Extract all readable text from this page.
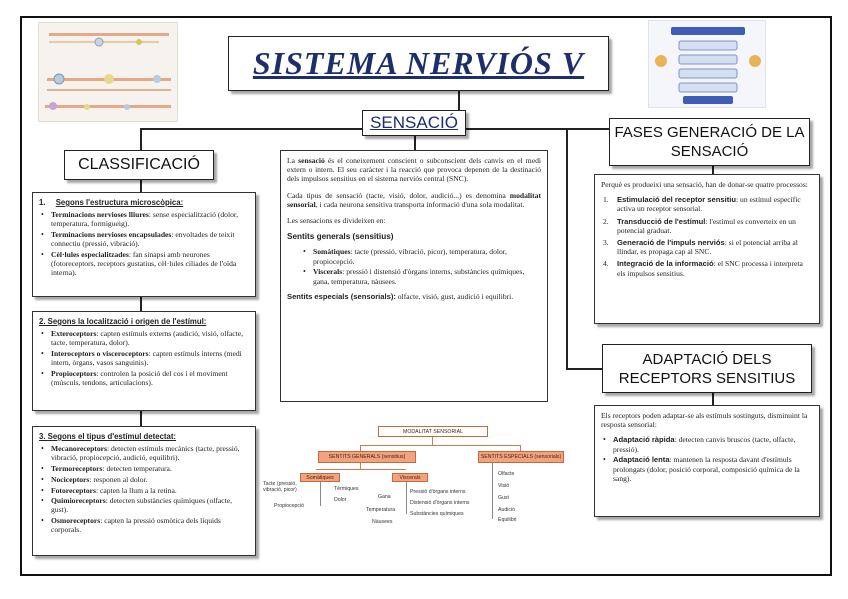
SISTEMA NERVIÓS V
SENSACIÓ
CLASSIFICACIÓ
FASES GENERACIÓ DE LA SENSACIÓ
ADAPTACIÓ DELS RECEPTORS SENSITIUS
1. Segons l'estructura microscòpica:
• Terminacions nervioses lliures: sense especialització (dolor, temperatura, formigueig).
• Terminacions nervioses encapsulades: envoltades de teixit connectiu (pressió, vibració).
• Cèl·lules especialitzades: fan sinapsi amb neurones (fotoreceptors, receptors gustatius, cèl·lules ciliades de l'oïda interna).
2. Segons la localització i origen de l'estímul:
• Exteroceptors: capten estímuls externs (audició, visió, olfacte, tacte, temperatura, dolor).
• Interoceptors o visceroceptors: capten estímuls interns (medi intern, òrgans, vasos sanguinis).
• Propioceptors: controlen la posició del cos i el moviment (músculs, tendons, articulacions).
3. Segons el tipus d'estímul detectat:
• Mecanoreceptors: detecten estímuls mecànics (tacte, pressió, vibració, propiocepció, audició, equilibri).
• Termoreceptors: detecten temperatura.
• Nociceptors: responen al dolor.
• Fotoreceptors: capten la llum a la retina.
• Quimioreceptors: detecten substàncies químiques (olfacte, gust).
• Osmoreceptors: capten la pressió osmòtica dels líquids corporals.

La sensació és el coneixement conscient o subconscient dels canvis en el medi extern o intern. El seu caràcter i la reacció que provoca depenen de la destinació dels impulsos sensitius en el sistema nerviós central (SNC).

Cada tipus de sensació (tacte, visió, dolor, audició...) es denomina modalitat sensorial, i cada neurona sensitiva transporta informació d'una sola modalitat.

Les sensacions es divideixen en:

Sentits generals (sensitius)
• Somàtiques: tacte (pressió, vibració, picor), temperatura, dolor, propiocepció.
• Viscerals: pressió i distensió d'òrgans interns, substàncies químiques, gana, temperatura, nàusees.

Sentits especials (sensorials): olfacte, visió, gust, audició i equilibri.

Perquè es produeixi una sensació, han de donar-se quatre processos:

1. Estimulació del receptor sensitiu: un estímul específic activa un receptor sensorial.
2. Transducció de l'estímul: l'estímul es converteix en un potencial graduat.
3. Generació de l'impuls nerviós: si el potencial arriba al llindar, es propaga cap al SNC.
4. Integració de la informació: el SNC processa i interpreta els impulsos sensitius.

Els receptors poden adaptar-se als estímuls sostinguts, disminuint la resposta sensorial:

• Adaptació ràpida: detecten canvis bruscos (tacte, olfacte, pressió).
• Adaptació lenta: mantenen la resposta davant d'estímuls prolongats (dolor, posició corporal, composició química de la sang).
MODALITAT SENSORIAL
SENTITS GENERALS (sensitius)	SENTITS ESPECIALS (sensorials)
Somàtiques	Viscerals
Tacte (pressió, vibració, picor)	Tèrmiques
Dolor
Propiocepció
Gana
Temperatura
Nàusees
Pressió d'òrgans interns
Distensió d'òrgans interns
Substàncies químiques
Olfacte
Visió
Gust
Audició
Equilibri
